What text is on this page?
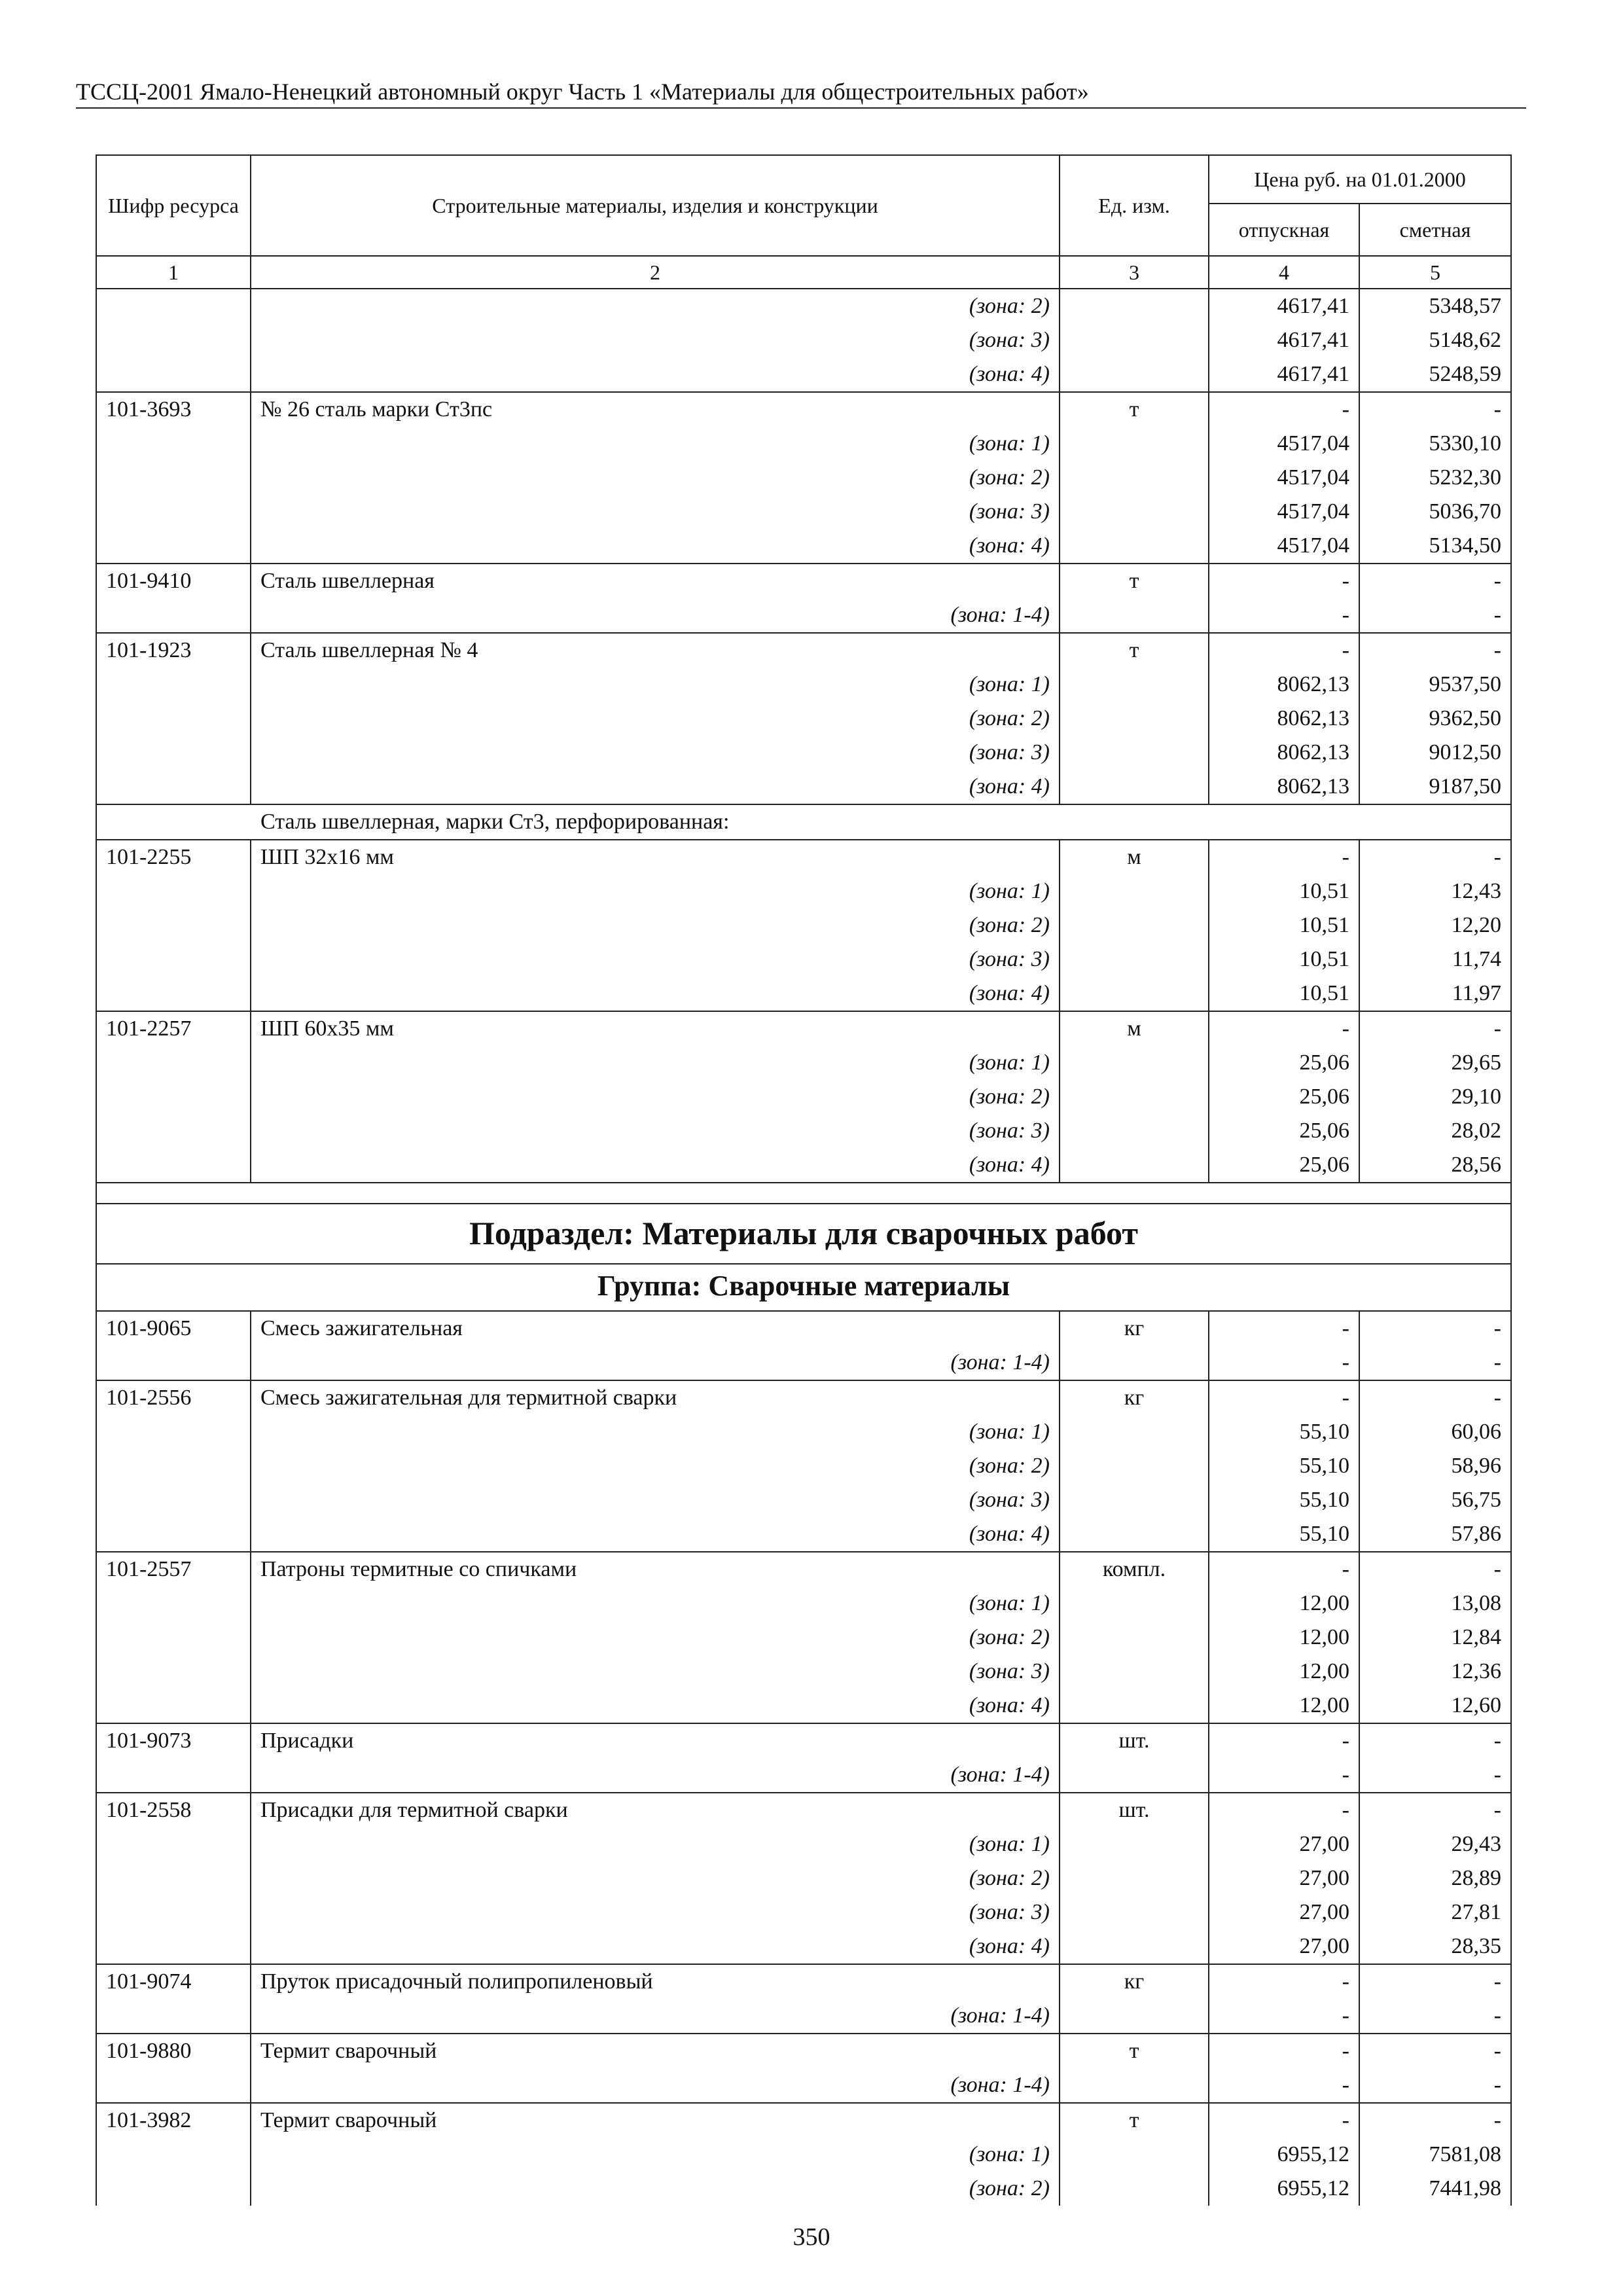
ТССЦ-2001 Ямало-Ненецкий автономный округ Часть 1 «Материалы для общестроительных работ»
Шифр ресурса	Строительные материалы, изделия и конструкции	Ед. изм.	Цена руб. на 01.01.2000	
			отпускная	сметная
1	2	3	4	5
	(зона: 2)		4617,41	5348,57
	(зона: 3)		4617,41	5148,62
	(зона: 4)		4617,41	5248,59
101-3693	№ 26 сталь марки Ст3пс	т	-	-
	(зона: 1)		4517,04	5330,10
	(зона: 2)		4517,04	5232,30
	(зона: 3)		4517,04	5036,70
	(зона: 4)		4517,04	5134,50
101-9410	Сталь швеллерная	т	-	-
	(зона: 1-4)		-	-
101-1923	Сталь швеллерная № 4	т	-	-
	(зона: 1)		8062,13	9537,50
	(зона: 2)		8062,13	9362,50
	(зона: 3)		8062,13	9012,50
	(зона: 4)		8062,13	9187,50
Сталь швеллерная, марки Ст3, перфорированная:				
101-2255	ШП 32х16 мм	м	-	-
	(зона: 1)		10,51	12,43
	(зона: 2)		10,51	12,20
	(зона: 3)		10,51	11,74
	(зона: 4)		10,51	11,97
101-2257	ШП 60х35 мм	м	-	-
	(зона: 1)		25,06	29,65
	(зона: 2)		25,06	29,10
	(зона: 3)		25,06	28,02
	(зона: 4)		25,06	28,56

Подраздел: Материалы для сварочных работ				
Группа: Сварочные материалы				
101-9065	Смесь зажигательная	кг	-	-
	(зона: 1-4)		-	-
101-2556	Смесь зажигательная для термитной сварки	кг	-	-
	(зона: 1)		55,10	60,06
	(зона: 2)		55,10	58,96
	(зона: 3)		55,10	56,75
	(зона: 4)		55,10	57,86
101-2557	Патроны термитные со спичками	компл.	-	-
	(зона: 1)		12,00	13,08
	(зона: 2)		12,00	12,84
	(зона: 3)		12,00	12,36
	(зона: 4)		12,00	12,60
101-9073	Присадки	шт.	-	-
	(зона: 1-4)		-	-
101-2558	Присадки для термитной сварки	шт.	-	-
	(зона: 1)		27,00	29,43
	(зона: 2)		27,00	28,89
	(зона: 3)		27,00	27,81
	(зона: 4)		27,00	28,35
101-9074	Пруток присадочный полипропиленовый	кг	-	-
	(зона: 1-4)		-	-
101-9880	Термит сварочный	т	-	-
	(зона: 1-4)		-	-
101-3982	Термит сварочный	т	-	-
	(зона: 1)		6955,12	7581,08
	(зона: 2)		6955,12	7441,98
350
